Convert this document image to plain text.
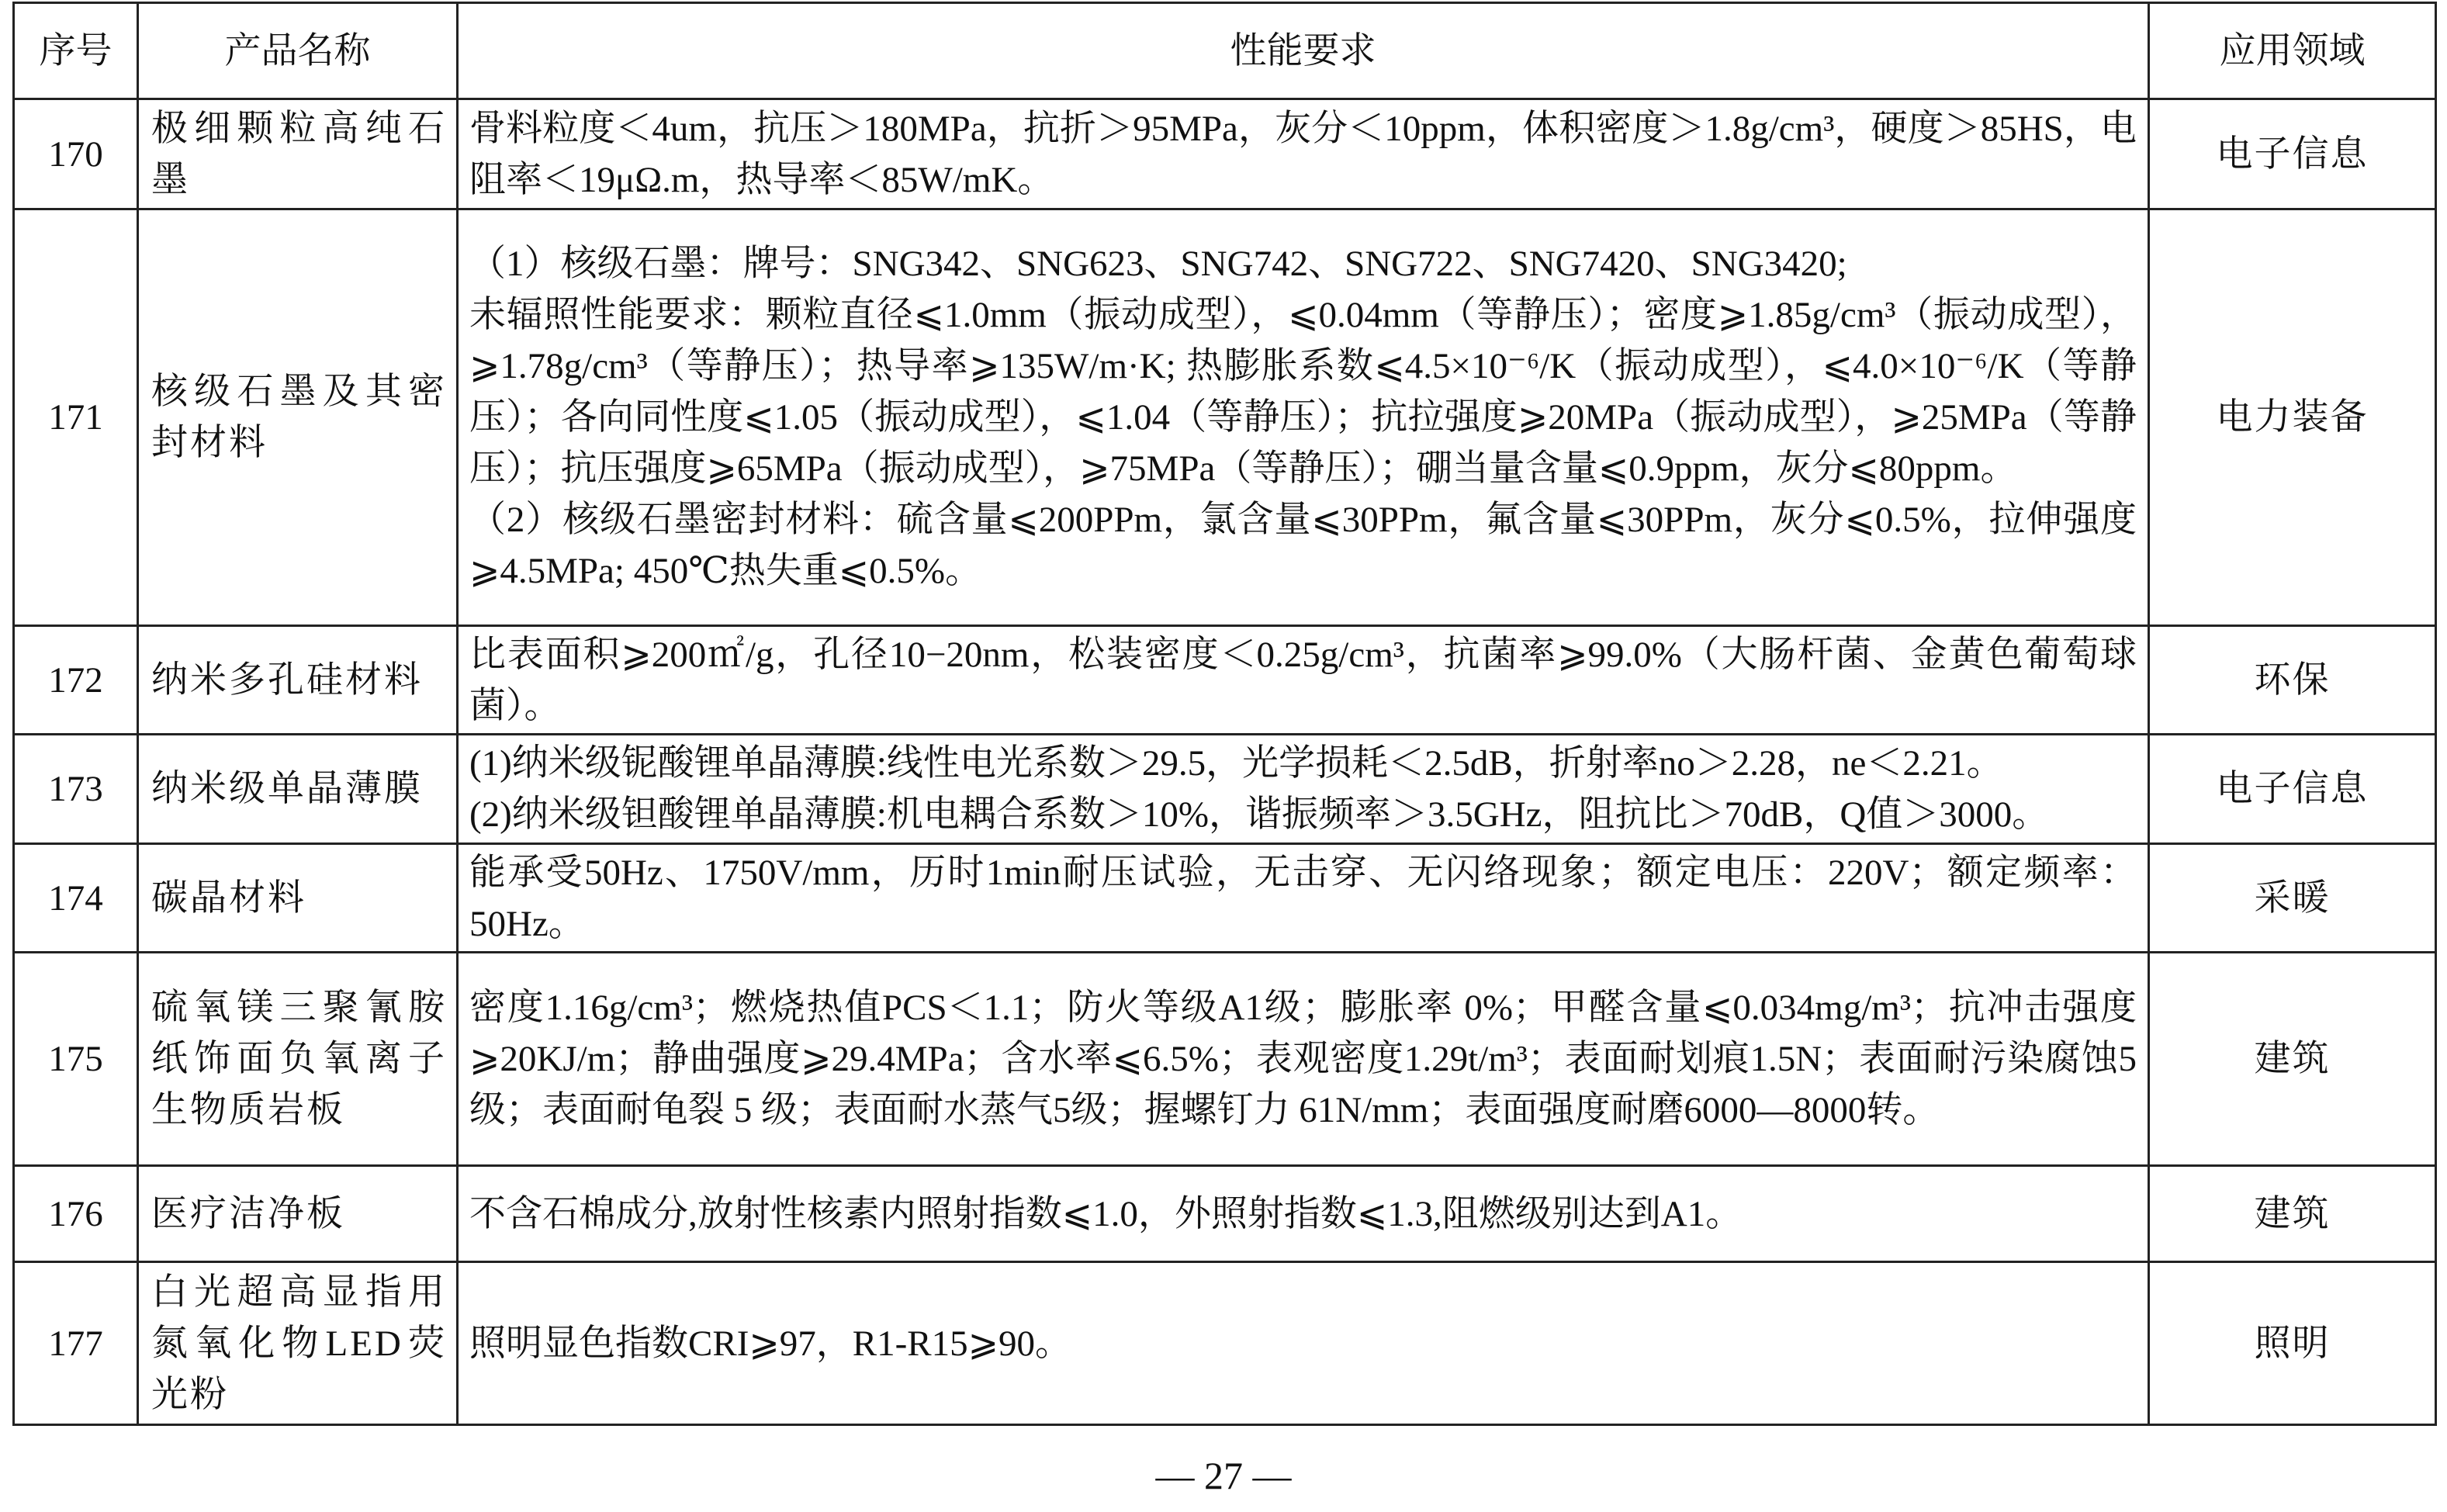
序号	产品名称	性能要求	应用领域
170	极细颗粒高纯石墨	骨料粒度＜4um，抗压＞180MPa，抗折＞95MPa，灰分＜10ppm，体积密度＞1.8g/cm³，硬度＞85HS，电阻率＜19μΩ.m，热导率＜85W/mK。	电子信息
171	核级石墨及其密封材料	（1）核级石墨：牌号：SNG342、SNG623、SNG742、SNG722、SNG7420、SNG3420;
未辐照性能要求：颗粒直径⩽1.0mm（振动成型），⩽0.04mm（等静压）；密度⩾1.85g/cm³（振动成型），⩾1.78g/cm³（等静压）；热导率⩾135W/m·K; 热膨胀系数⩽4.5×10⁻⁶/K（振动成型），⩽4.0×10⁻⁶/K（等静压）；各向同性度⩽1.05（振动成型），⩽1.04（等静压）；抗拉强度⩾20MPa（振动成型），⩾25MPa（等静压）；抗压强度⩾65MPa（振动成型），⩾75MPa（等静压）；硼当量含量⩽0.9ppm，灰分⩽80ppm。
（2）核级石墨密封材料：硫含量⩽200PPm，氯含量⩽30PPm，氟含量⩽30PPm，灰分⩽0.5%，拉伸强度⩾4.5MPa; 450℃热失重⩽0.5%。	电力装备
172	纳米多孔硅材料	比表面积⩾200㎡/g，孔径10−20nm，松装密度＜0.25g/cm³，抗菌率⩾99.0%（大肠杆菌、金黄色葡萄球菌）。	环保
173	纳米级单晶薄膜	(1)纳米级铌酸锂单晶薄膜:线性电光系数＞29.5，光学损耗＜2.5dB，折射率no＞2.28，ne＜2.21。
(2)纳米级钽酸锂单晶薄膜:机电耦合系数＞10%，谐振频率＞3.5GHz，阻抗比＞70dB，Q值＞3000。	电子信息
174	碳晶材料	能承受50Hz、1750V/mm，历时1min耐压试验，无击穿、无闪络现象；额定电压：220V；额定频率：50Hz。	采暖
175	硫氧镁三聚氰胺纸饰面负氧离子生物质岩板	密度1.16g/cm³；燃烧热值PCS＜1.1；防火等级A1级；膨胀率 0%；甲醛含量⩽0.034mg/m³；抗冲击强度⩾20KJ/m；静曲强度⩾29.4MPa；含水率⩽6.5%；表观密度1.29t/m³；表面耐划痕1.5N；表面耐污染腐蚀5级；表面耐龟裂 5 级；表面耐水蒸气5级；握螺钉力 61N/mm；表面强度耐磨6000—8000转。	建筑
176	医疗洁净板	不含石棉成分,放射性核素内照射指数⩽1.0，外照射指数⩽1.3,阻燃级别达到A1。	建筑
177	白光超高显指用氮氧化物LED荧光粉	照明显色指数CRI⩾97，R1-R15⩾90。	照明
— 27 —
